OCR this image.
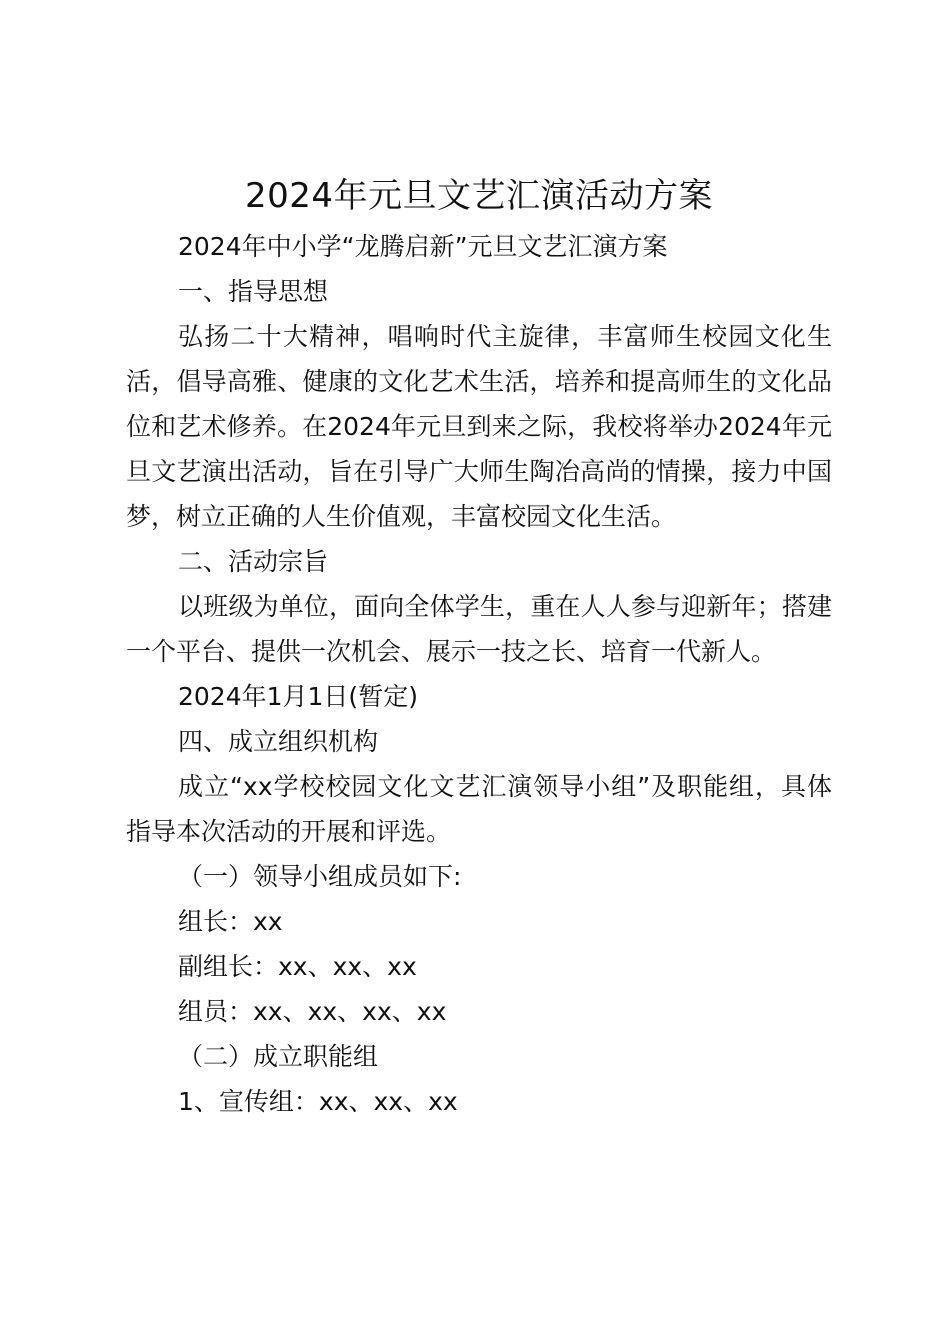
2024年元旦文艺汇演活动方案

2024年中小学“龙腾启新”元旦文艺汇演方案

一、指导思想

弘扬二十大精神，唱响时代主旋律，丰富师生校园文化生活，倡导高雅、健康的文化艺术生活，培养和提高师生的文化品位和艺术修养。在2024年元旦到来之际，我校将举办2024年元旦文艺演出活动，旨在引导广大师生陶冶高尚的情操，接力中国梦，树立正确的人生价值观，丰富校园文化生活。

二、活动宗旨

以班级为单位，面向全体学生，重在人人参与迎新年；搭建一个平台、提供一次机会、展示一技之长、培育一代新人。

2024年1月1日(暂定)

四、成立组织机构

成立“xx学校校园文化文艺汇演领导小组”及职能组，具体指导本次活动的开展和评选。

（一）领导小组成员如下:

组长：xx

副组长：xx、xx、xx

组员：xx、xx、xx、xx

（二）成立职能组

1、宣传组：xx、xx、xx
